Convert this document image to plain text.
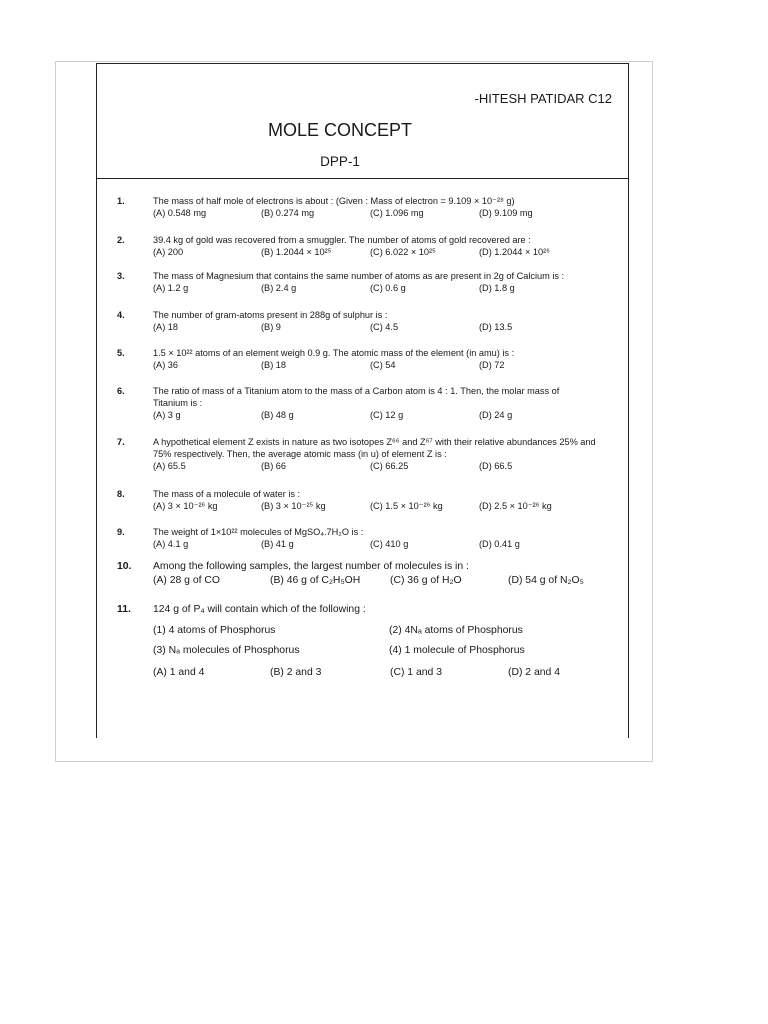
-HITESH PATIDAR C12
MOLE CONCEPT
DPP-1
1.	The mass of half mole of electrons is about : (Given : Mass of electron = 9.109 × 10⁻²⁸ g)
(A) 0.548 mg	(B) 0.274 mg	(C) 1.096 mg	(D) 9.109 mg
2.	39.4 kg of gold was recovered from a smuggler. The number of atoms of gold recovered are :
(A) 200	(B) 1.2044 × 10²⁵	(C) 6.022 × 10²⁵	(D) 1.2044 × 10²⁶
3.	The mass of Magnesium that contains the same number of atoms as are present in 2g of Calcium is :
(A) 1.2 g	(B) 2.4 g	(C) 0.6 g	(D) 1.8 g
4.	The number of gram-atoms present in 288g of sulphur is :
(A) 18	(B) 9	(C) 4.5	(D) 13.5
5.	1.5 × 10²² atoms of an element weigh 0.9 g. The atomic mass of the element (in amu) is :
(A) 36	(B) 18	(C) 54	(D) 72
6.	The ratio of mass of a Titanium atom to the mass of a Carbon atom is 4 : 1. Then, the molar mass of
Titanium is :
(A) 3 g	(B) 48 g	(C) 12 g	(D) 24 g
7.	A hypothetical element Z exists in nature as two isotopes Z⁶⁶ and Z⁶⁷ with their relative abundances 25% and
75% respectively. Then, the average atomic mass (in u) of element Z is :
(A) 65.5	(B) 66	(C) 66.25	(D) 66.5
8.	The mass of a molecule of water is :
(A) 3 × 10⁻²⁶ kg	(B) 3 × 10⁻²⁵ kg	(C) 1.5 × 10⁻²⁶ kg	(D) 2.5 × 10⁻²⁶ kg
9.	The weight of 1×10²² molecules of MgSO₄.7H₂O is :
(A) 4.1 g	(B) 41 g	(C) 410 g	(D) 0.41 g
10. Among the following samples, the largest number of molecules is in :
(A) 28 g of CO	(B) 46 g of C₂H₅OH	(C) 36 g of H₂O	(D) 54 g of N₂O₅
11. 124 g of P₄ will contain which of the following :
(1) 4 atoms of Phosphorus	(2) 4Nₐ atoms of Phosphorus
(3) Nₐ molecules of Phosphorus	(4) 1 molecule of Phosphorus
(A) 1 and 4	(B) 2 and 3	(C) 1 and 3	(D) 2 and 4
